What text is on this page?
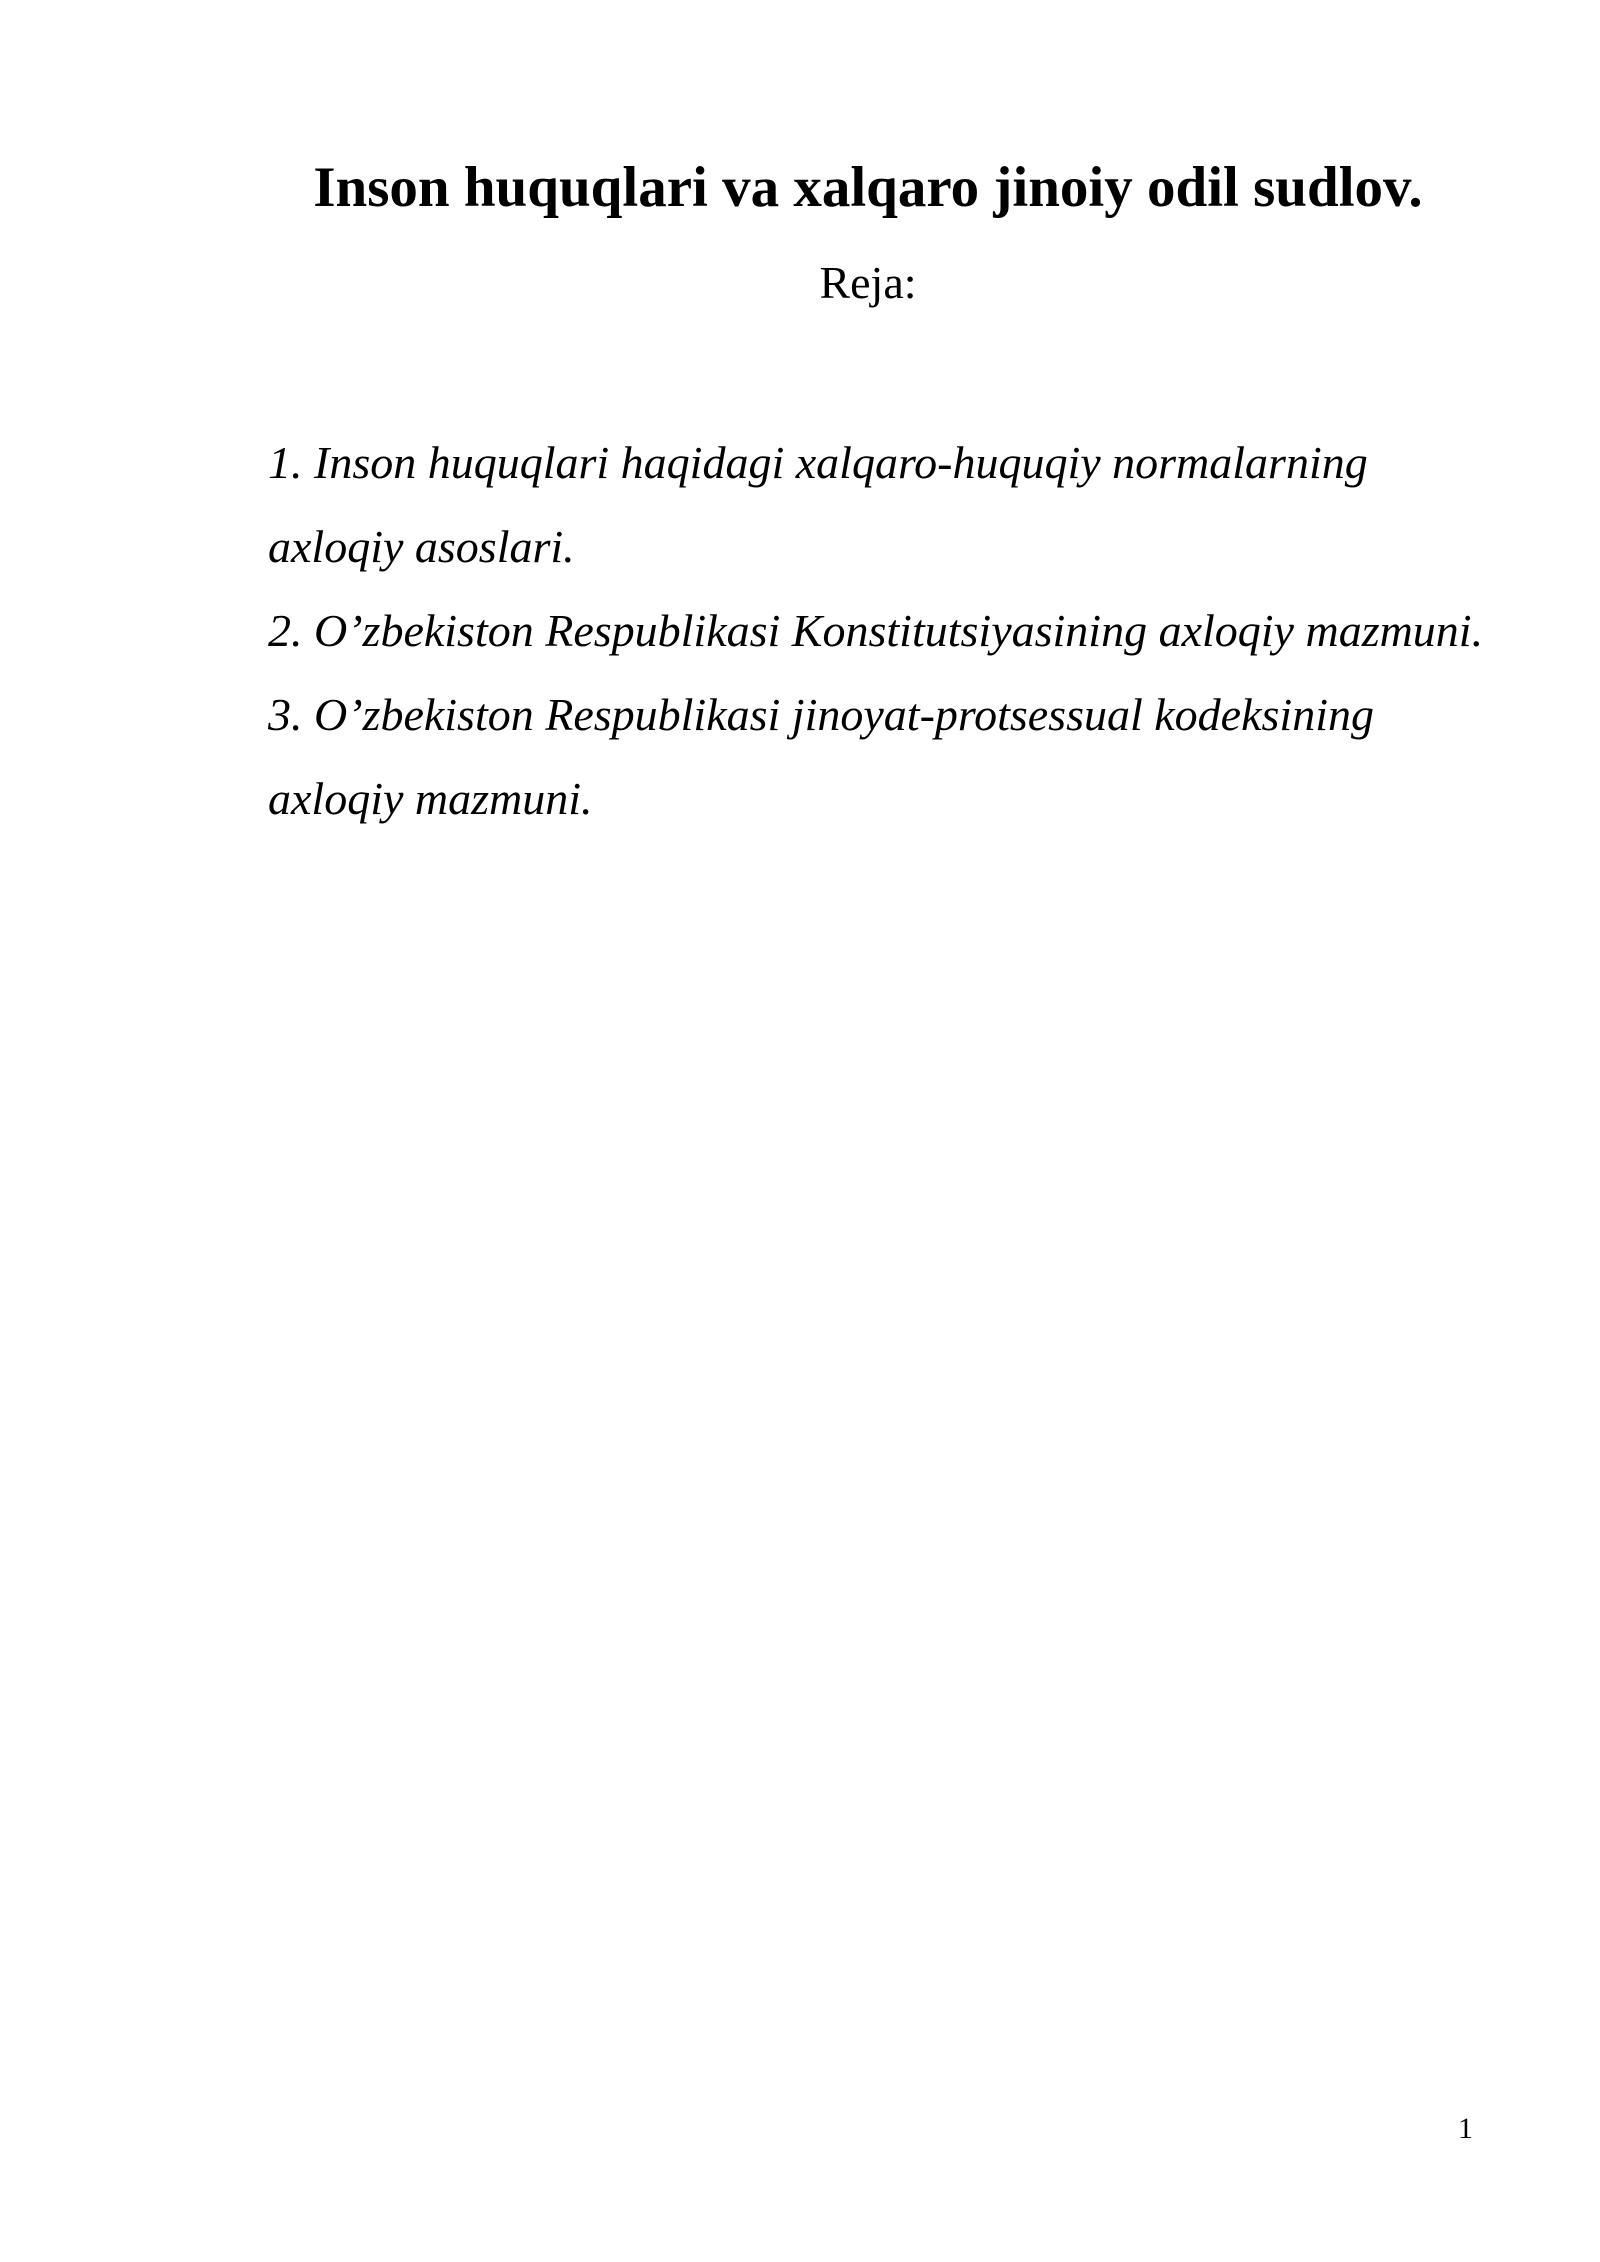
Inson huquqlari va xalqaro jinoiy odil sudlov.

Reja:

1. Inson huquqlari haqidagi xalqaro-huquqiy normalarning axloqiy asoslari.
2. O’zbekiston Respublikasi Konstitutsiyasining axloqiy mazmuni.
3. O’zbekiston Respublikasi jinoyat-protsessual kodeksining axloqiy mazmuni.
1
